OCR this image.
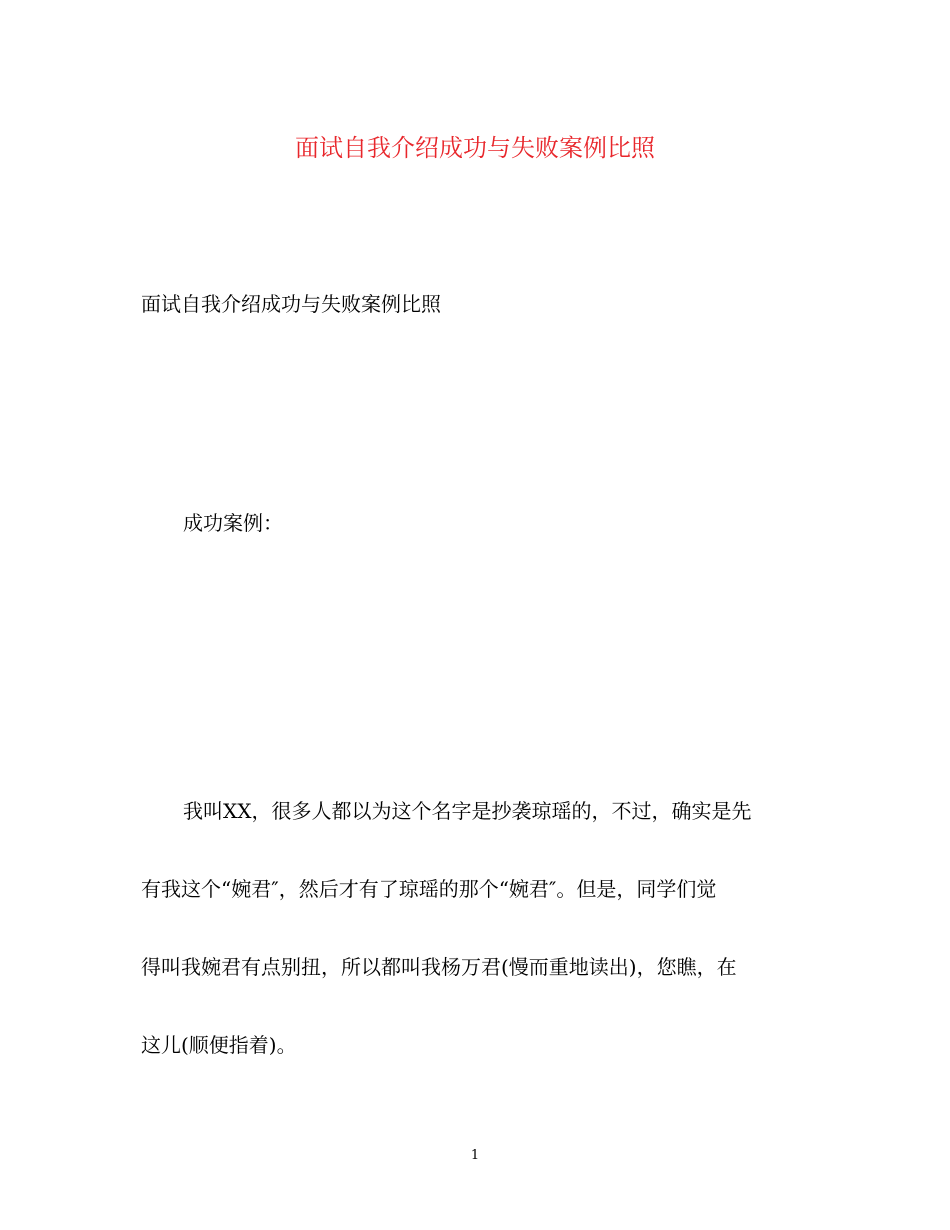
面试自我介绍成功与失败案例比照
面试自我介绍成功与失败案例比照
成功案例：
我叫XX，很多人都以为这个名字是抄袭琼瑶的，不过，确实是先
有我这个“婉君″，然后才有了琼瑶的那个“婉君″。但是，同学们觉
得叫我婉君有点别扭，所以都叫我杨万君(慢而重地读出)，您瞧，在
这儿(顺便指着)。
1
